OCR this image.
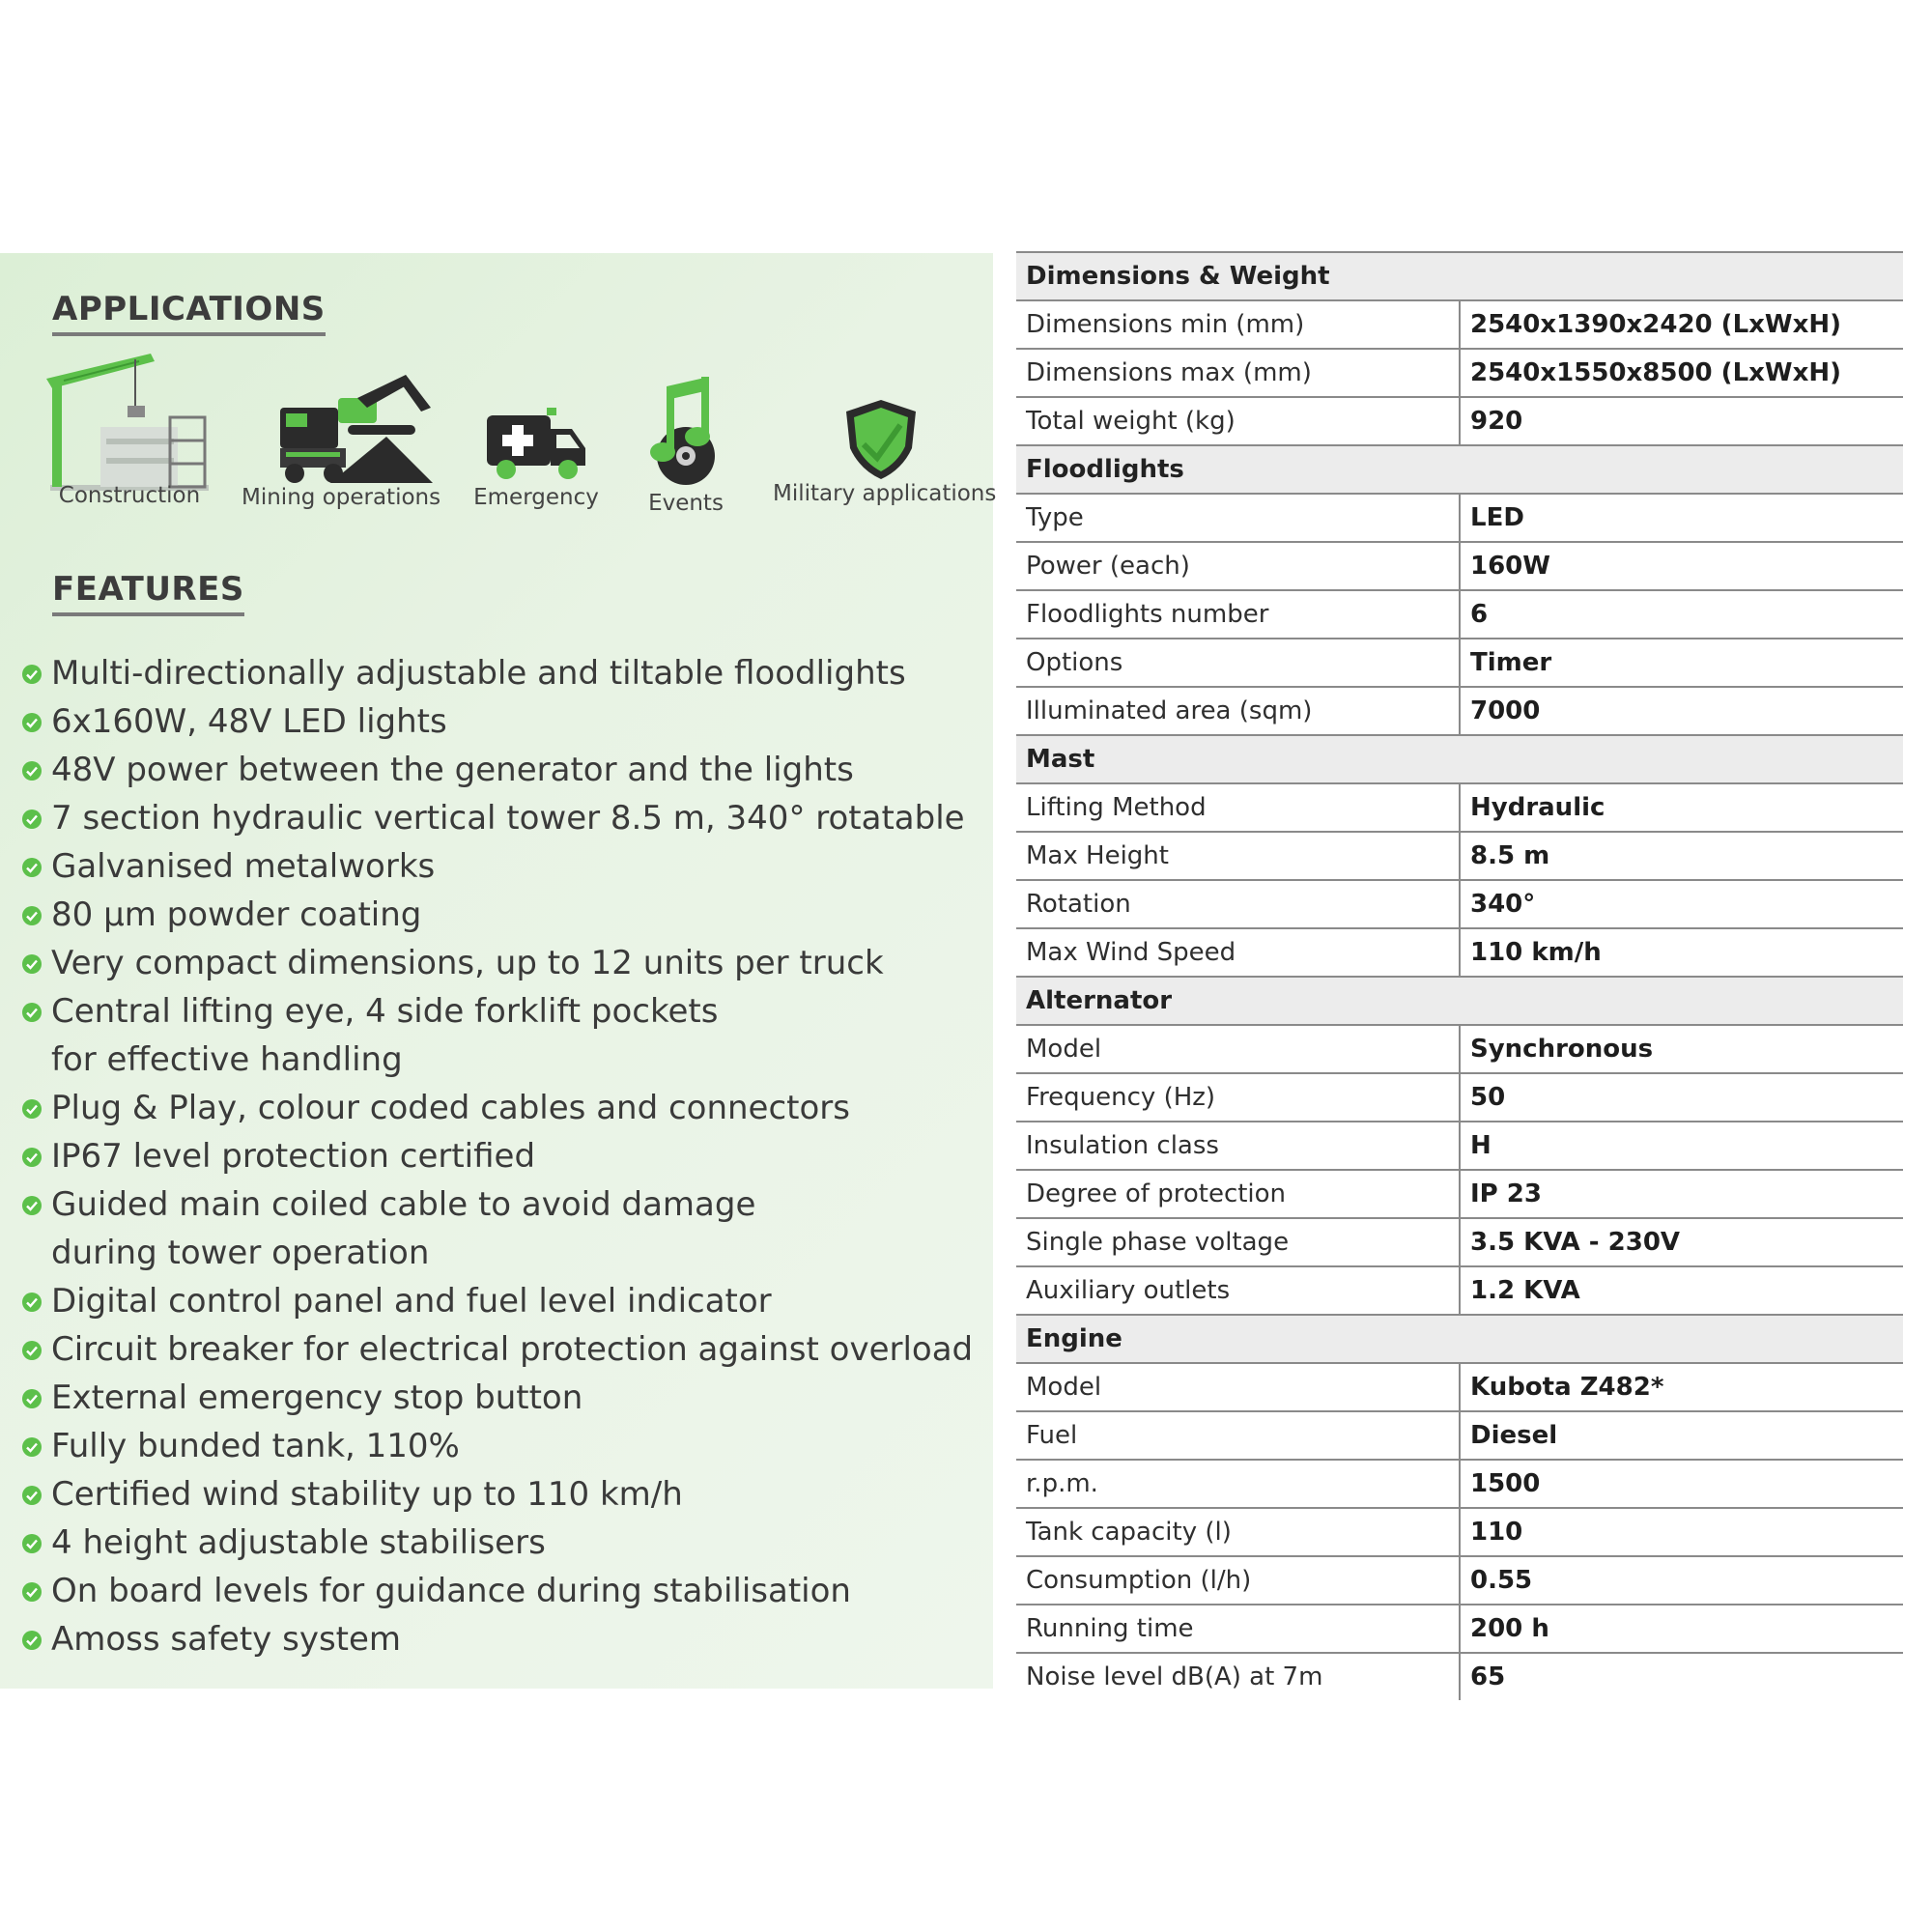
APPLICATIONS
Construction	Mining operations Emergency	Events	Military applications
FEATURES
Multi-directionally adjustable and tiltable floodlights
6x160W, 48V LED lights
48V power between the generator and the lights
7 section hydraulic vertical tower 8.5 m, 340° rotatable
Galvanised metalworks
80 μm powder coating
Very compact dimensions, up to 12 units per truck
Central lifting eye, 4 side forklift pockets
for effective handling
Plug & Play, colour coded cables and connectors
IP67 level protection certified
Guided main coiled cable to avoid damage
during tower operation
Digital control panel and fuel level indicator
Circuit breaker for electrical protection against overload
External emergency stop button
Fully bunded tank, 110%
Certified wind stability up to 110 km/h
4 height adjustable stabilisers
On board levels for guidance during stabilisation
Amoss safety system
Dimensions & Weight	
Dimensions min (mm)	2540x1390x2420 (LxWxH)
Dimensions max (mm)	2540x1550x8500 (LxWxH)
Total weight (kg)	920
Floodlights	
Type	LED
Power (each)	160W
Floodlights number	6
Options	Timer
Illuminated area (sqm)	7000
Mast	
Lifting Method	Hydraulic
Max Height	8.5 m
Rotation	340°
Max Wind Speed	110 km/h
Alternator	
Model	Synchronous
Frequency (Hz)	50
Insulation class	H
Degree of protection	IP 23
Single phase voltage	3.5 KVA - 230V
Auxiliary outlets	1.2 KVA
Engine	
Model	Kubota Z482*
Fuel	Diesel
r.p.m.	1500
Tank capacity (l)	110
Consumption (l/h)	0.55
Running time	200 h
Noise level dB(A) at 7m	65
